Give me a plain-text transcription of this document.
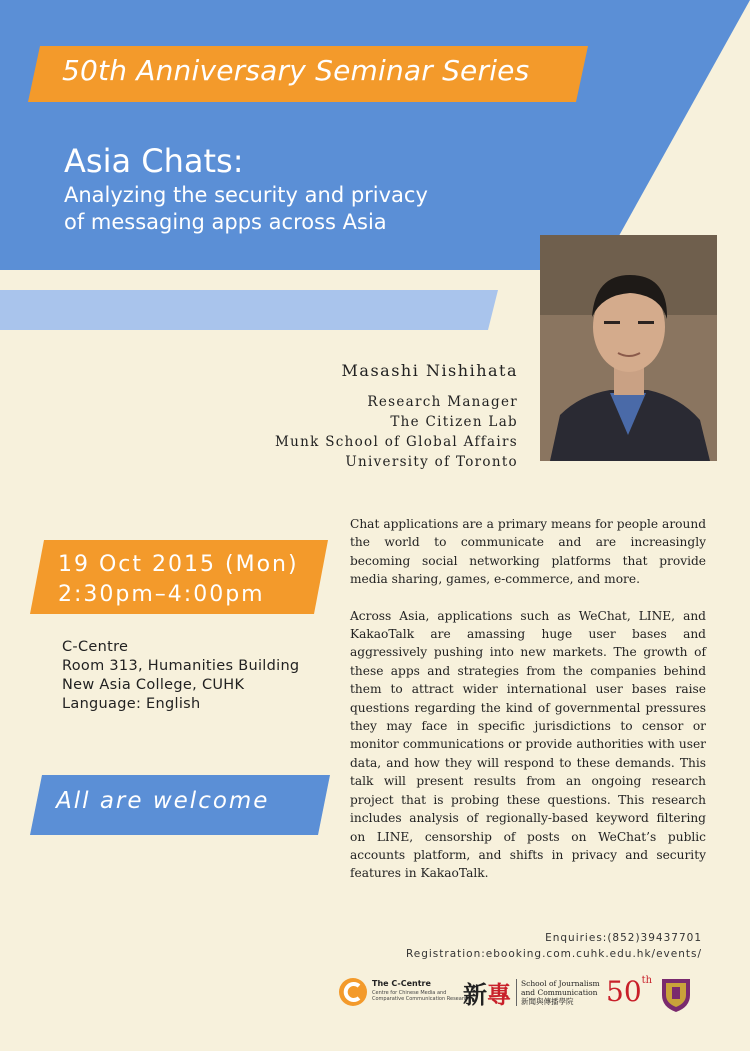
50th Anniversary Seminar Series
Asia Chats:
Analyzing the security and privacy
of messaging apps across Asia
Masashi Nishihata
Research Manager
The Citizen Lab
Munk School of Global Affairs
University of Toronto
19 Oct 2015 (Mon)
2:30pm–4:00pm
C-Centre
Room 313, Humanities Building
New Asia College, CUHK
Language: English
All are welcome

Chat applications are a primary means for people around the world to communicate and are increasingly becoming social networking platforms that provide media sharing, games, e-commerce, and more.

Across Asia, applications such as WeChat, LINE, and KakaoTalk are amassing huge user bases and aggressively pushing into new markets. The growth of these apps and strategies from the companies behind them to attract wider international user bases raise questions regarding the kind of governmental pressures they may face in specific jurisdictions to censor or monitor communications or provide authorities with user data, and how they will respond to these demands. This talk will present results from an ongoing research project that is probing these questions. This research includes analysis of regionally-based keyword filtering on LINE, censorship of posts on WeChat’s public accounts platform, and shifts in privacy and security features in KakaoTalk.

Enquiries:(852)39437701
Registration:ebooking.com.cuhk.edu.hk/events/
The C-Centre
Centre for Chinese Media and Comparative Communication Research
新專 School of Journalism and Communication
新聞與傳播學院	50th
